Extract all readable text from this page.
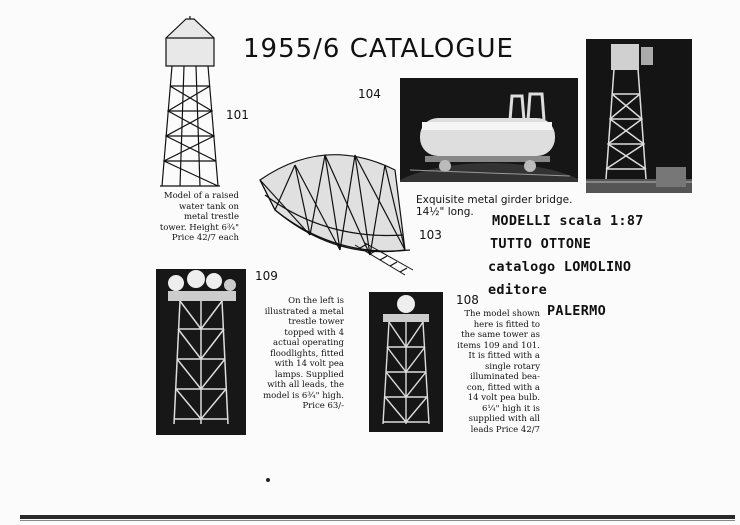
1955/6 CATALOGUE
101
Model of a raised
water tank on
metal trestle
tower. Height 6¾"
Price 42/7 each
104
Exquisite metal girder bridge.
14½" long.
103
MODELLI scala 1:87
TUTTO OTTONE
catalogo LOMOLINO
editore
PALERMO
109
On the left is
illustrated a metal
trestle tower
topped with 4
actual operating
floodlights, fitted
with 14 volt pea
lamps. Supplied
with all leads, the
model is 6¾" high.
Price 63/-
108
The model shown
here is fitted to
the same tower as
items 109 and 101.
It is fitted with a
single rotary
illuminated bea-
con, fitted with a
14 volt pea bulb.
6¼" high it is
supplied with all
leads Price 42/7
